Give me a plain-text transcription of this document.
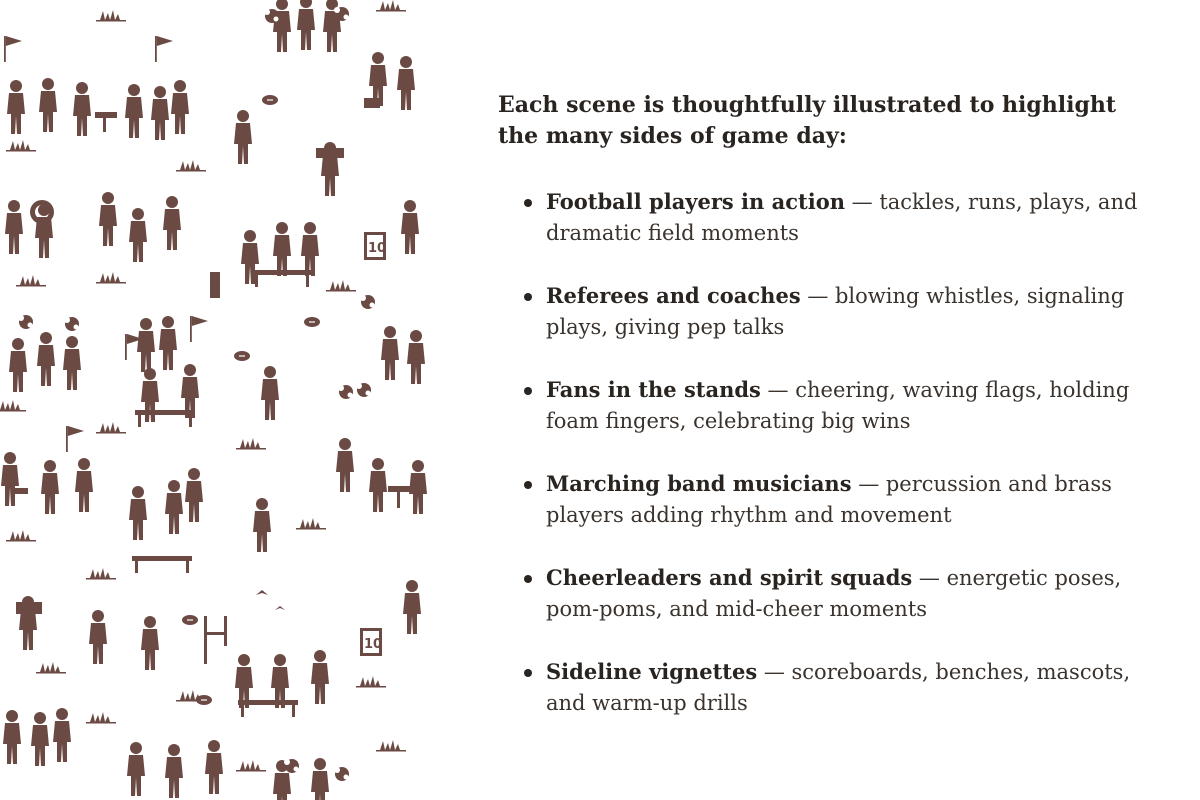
10
10

Each scene is thoughtfully illustrated to highlight the many sides of game day:

Football players in action — tackles, runs, plays, and dramatic field moments
Referees and coaches — blowing whistles, signaling plays, giving pep talks
Fans in the stands — cheering, waving flags, holding foam fingers, celebrating big wins
Marching band musicians — percussion and brass players adding rhythm and movement
Cheerleaders and spirit squads — energetic poses, pom-poms, and mid-cheer moments
Sideline vignettes — scoreboards, benches, mascots, and warm-up drills
